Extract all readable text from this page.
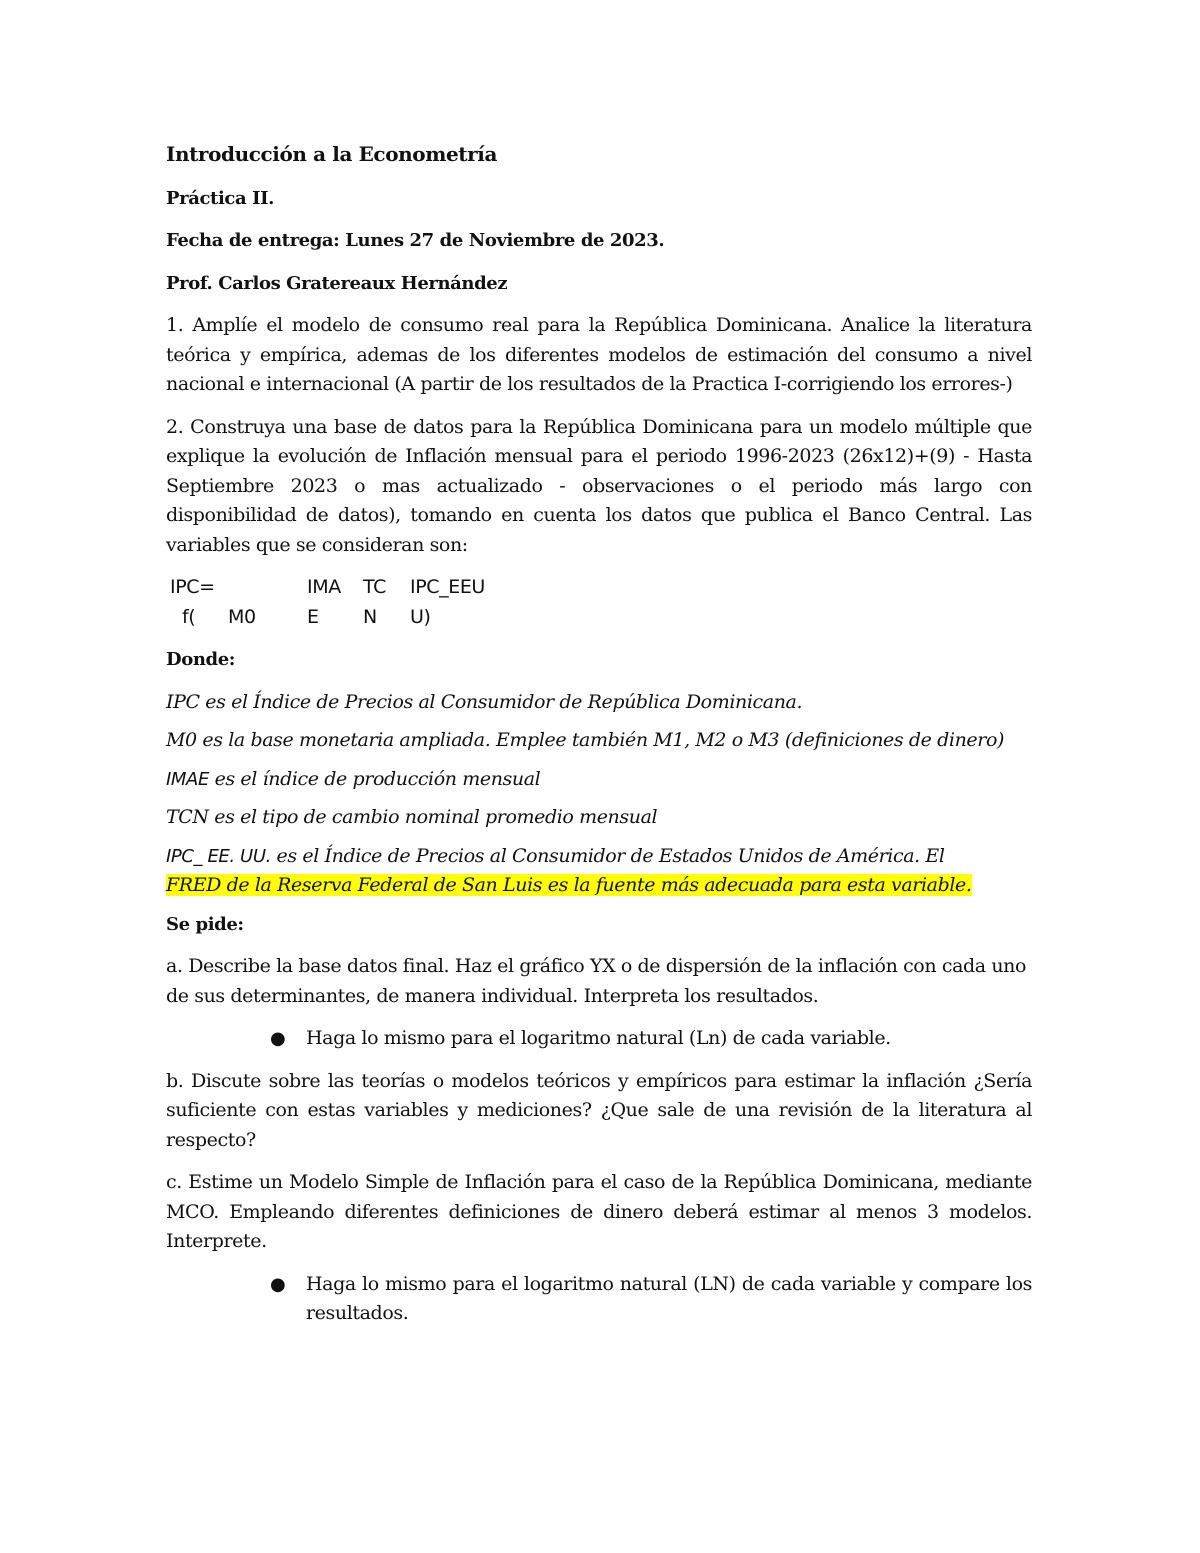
Introducción a la Econometría

Práctica II.

Fecha de entrega: Lunes 27 de Noviembre de 2023.

Prof. Carlos Gratereaux Hernández

1. Amplíe el modelo de consumo real para la República Dominicana. Analice la literatura teórica y empírica, ademas de los diferentes modelos de estimación del consumo a nivel nacional e internacional (A partir de los resultados de la Practica I-corrigiendo los errores-)

2. Construya una base de datos para la República Dominicana para un modelo múltiple que explique la evolución de Inflación mensual para el periodo 1996-2023 (26x12)+(9) - Hasta Septiembre 2023 o mas actualizado - observaciones o el periodo más largo con disponibilidad de datos), tomando en cuenta los datos que publica el Banco Central. Las variables que se consideran son:

IPC=
f( M0
IMA
E
TC
N
IPC_EEU
U)

Donde:

IPC es el Índice de Precios al Consumidor de República Dominicana.

M0 es la base monetaria ampliada. Emplee también M1, M2 o M3 (definiciones de dinero)

IMAE es el índice de producción mensual

TCN es el tipo de cambio nominal promedio mensual

IPC_ EE. UU. es el Índice de Precios al Consumidor de Estados Unidos de América. El
FRED de la Reserva Federal de San Luis es la fuente más adecuada para esta variable.

Se pide:

a. Describe la base datos final. Haz el gráfico YX o de dispersión de la inflación con cada uno de sus determinantes, de manera individual. Interpreta los resultados.

● Haga lo mismo para el logaritmo natural (Ln) de cada variable.

b. Discute sobre las teorías o modelos teóricos y empíricos para estimar la inflación ¿Sería suficiente con estas variables y mediciones? ¿Que sale de una revisión de la literatura al respecto?

c. Estime un Modelo Simple de Inflación para el caso de la República Dominicana, mediante MCO. Empleando diferentes definiciones de dinero deberá estimar al menos 3 modelos. Interprete.

● Haga lo mismo para el logaritmo natural (LN) de cada variable y compare los resultados.
